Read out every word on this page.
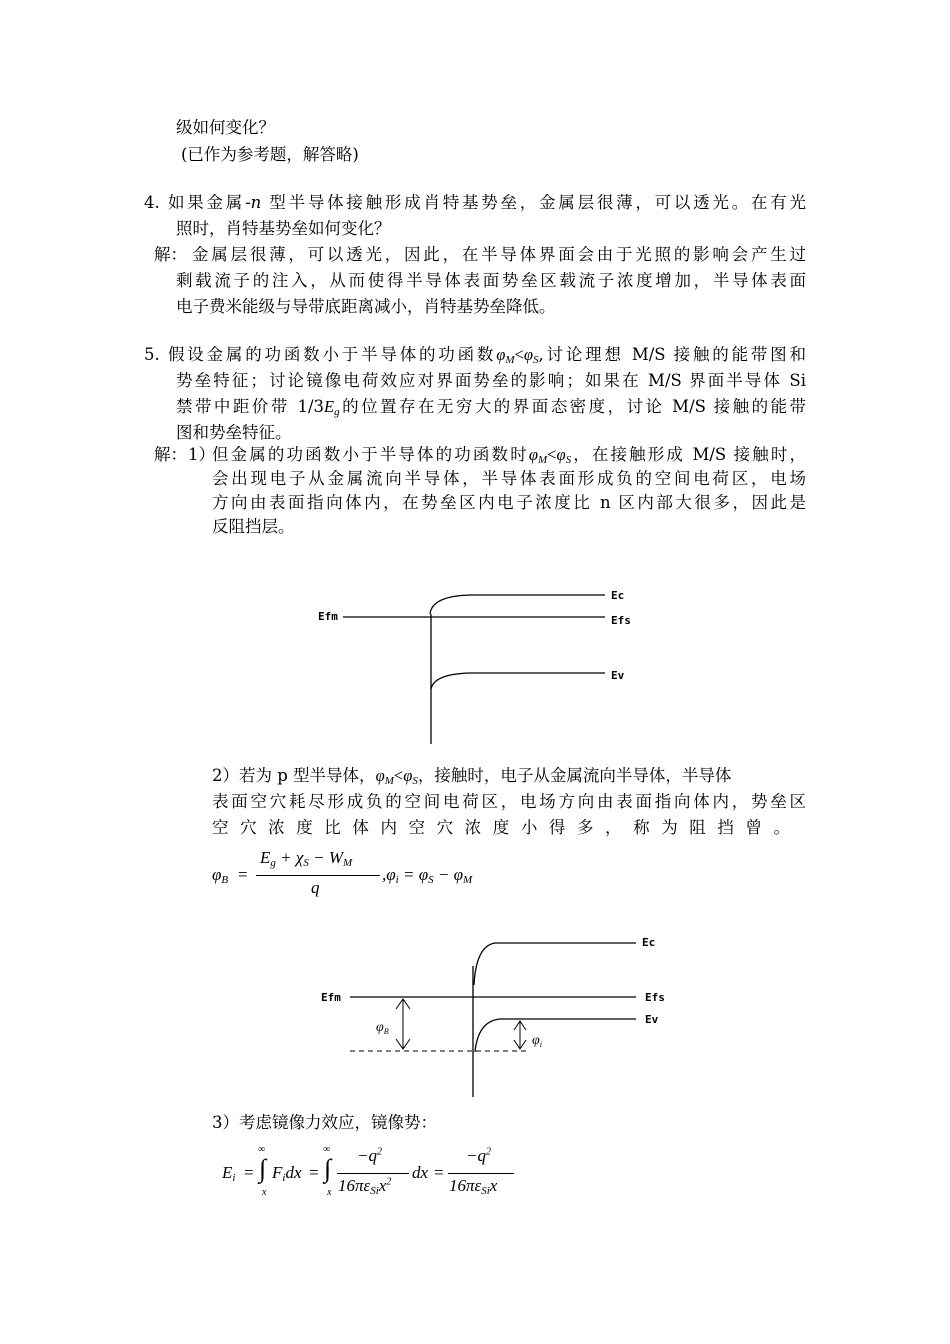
级如何变化？
(已作为参考题，解答略)
4. 如果金属-n 型半导体接触形成肖特基势垒，金属层很薄，可以透光。在有光
照时，肖特基势垒如何变化？
解： 金属层很薄，可以透光，因此，在半导体界面会由于光照的影响会产生过
剩载流子的注入，从而使得半导体表面势垒区载流子浓度增加，半导体表面
电子费米能级与导带底距离减小，肖特基势垒降低。
5. 假设金属的功函数小于半导体的功函数$\varphi_M<\varphi_S$,讨论理想 M/S 接触的能带图和
势垒特征；讨论镜像电荷效应对界面势垒的影响；如果在 M/S 界面半导体 Si
禁带中距价带 $1/3E_g$的位置存在无穷大的界面态密度，讨论 M/S 接触的能带
图和势垒特征。
解： 1）
但金属的功函数小于半导体的功函数时$\varphi_M<\varphi_S$，在接触形成 M/S 接触时，
会出现电子从金属流向半导体，半导体表面形成负的空间电荷区，电场
方向由表面指向体内，在势垒区内电子浓度比 n 区内部大很多，因此是
反阻挡层。
Efm
Ec
Efs
Ev
Ec
Efm	Efs
Ev
$\varphi_B$
$\varphi_i$
2）若为 p 型半导体，$\varphi_M<\varphi_S$，接触时，电子从金属流向半导体，半导体
表面空穴耗尽形成负的空间电荷区，电场方向由表面指向体内，势垒区
空穴浓度比体内空穴浓度小得多，称为阻挡曾。
$\varphi_B$ =
$E_g + \chi_S - W_M$
q
$,\varphi_i = \varphi_S - \varphi_M$
3）考虑镜像力效应，镜像势：
$E_i$ =
∞
∫
x
$F_idx$ =
∞
∫
x
$-q^2$
$16\pi\varepsilon_{Si}x^2$ dx =
$-q^2$
$16\pi\varepsilon_{Si}x$
